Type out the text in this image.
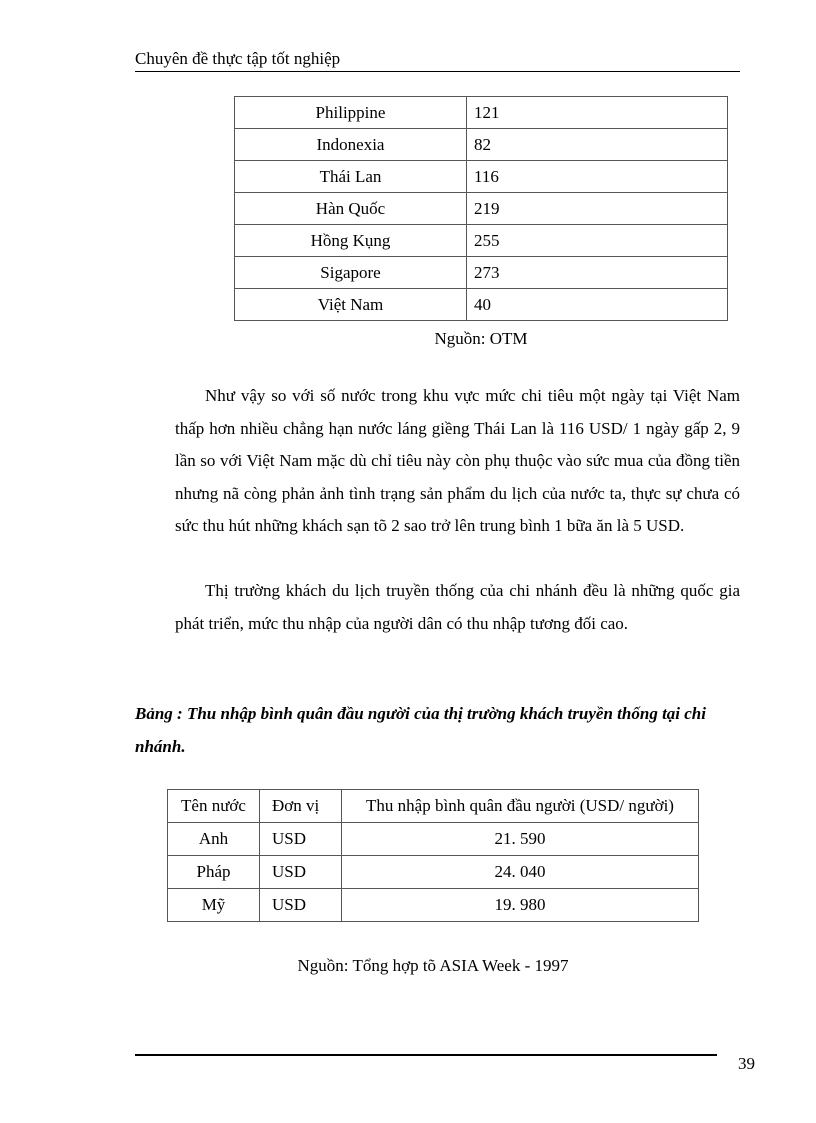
Chuyên đề thực tập tốt nghiệp
Philippine	121
Indonexia	82
Thái Lan	116
Hàn Quốc	219
Hồng Kụng	255
Sigapore	273
Việt Nam	40
Nguồn: OTM
Như vậy so với số nước trong khu vực mức chi tiêu một ngày tại Việt Nam thấp hơn nhiều chẳng hạn nước láng giềng Thái Lan là 116 USD/ 1 ngày gấp 2, 9 lần so với Việt Nam mặc dù chỉ tiêu này còn phụ thuộc vào sức mua của đồng tiền nhưng nã còng phản ảnh tình trạng sản phẩm du lịch của nước ta, thực sự chưa có sức thu hút những khách sạn tõ 2 sao trở lên trung bình 1 bữa ăn là 5 USD.
Thị trường khách du lịch truyền thống của chi nhánh đều là những quốc gia phát triển, mức thu nhập của người dân có thu nhập tương đối cao.
Bảng : Thu nhập bình quân đầu người của thị trường khách truyền thống tại chi nhánh.
Tên nước	Đơn vị	Thu nhập bình quân đầu người (USD/ người)
Anh	USD	21. 590
Pháp	USD	24. 040
Mỹ	USD	19. 980
Nguồn: Tổng hợp tõ ASIA Week - 1997
39
